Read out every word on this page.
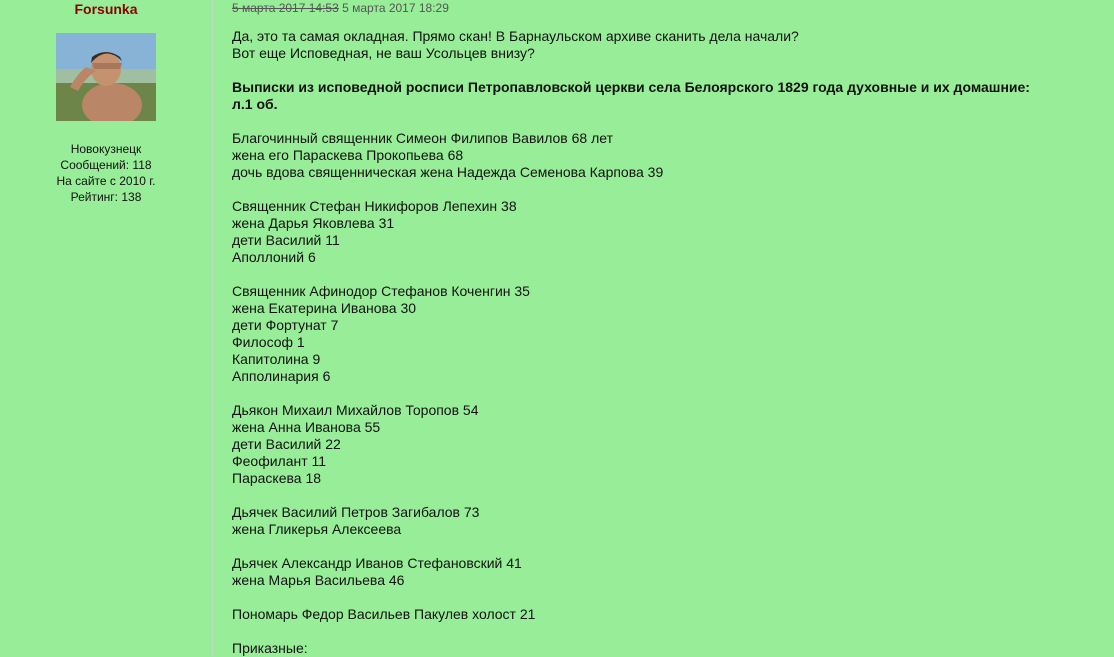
Forsunka
Новокузнецк
Сообщений: 118
На сайте с 2010 г.
Рейтинг: 138
5 марта 2017 14:53 5 марта 2017 18:29

Да, это та самая окладная. Прямо скан! В Барнаульском архиве сканить дела начали?

Вот еще Исповедная, не ваш Усольцев внизу?

Выписки из исповедной росписи Петропавловской церкви села Белоярского 1829 года духовные и их домашние:

л.1 об.

Благочинный священник Симеон Филипов Вавилов 68 лет

жена его Параскева Прокопьева 68

дочь вдова священническая жена Надежда Семенова Карпова 39

Священник Стефан Никифоров Лепехин 38

жена Дарья Яковлева 31

дети Василий 11

Аполлоний 6

Священник Афинодор Стефанов Коченгин 35

жена Екатерина Иванова 30

дети Фортунат 7

Философ 1

Капитолина 9

Апполинария 6

Дьякон Михаил Михайлов Торопов 54

жена Анна Иванова 55

дети Василий 22

Феофилант 11

Параскева 18

Дьячек Василий Петров Загибалов 73

жена Гликерья Алексеева

Дьячек Александр Иванов Стефановский 41

жена Марья Васильева 46

Пономарь Федор Васильев Пакулев холост 21

Приказные:
